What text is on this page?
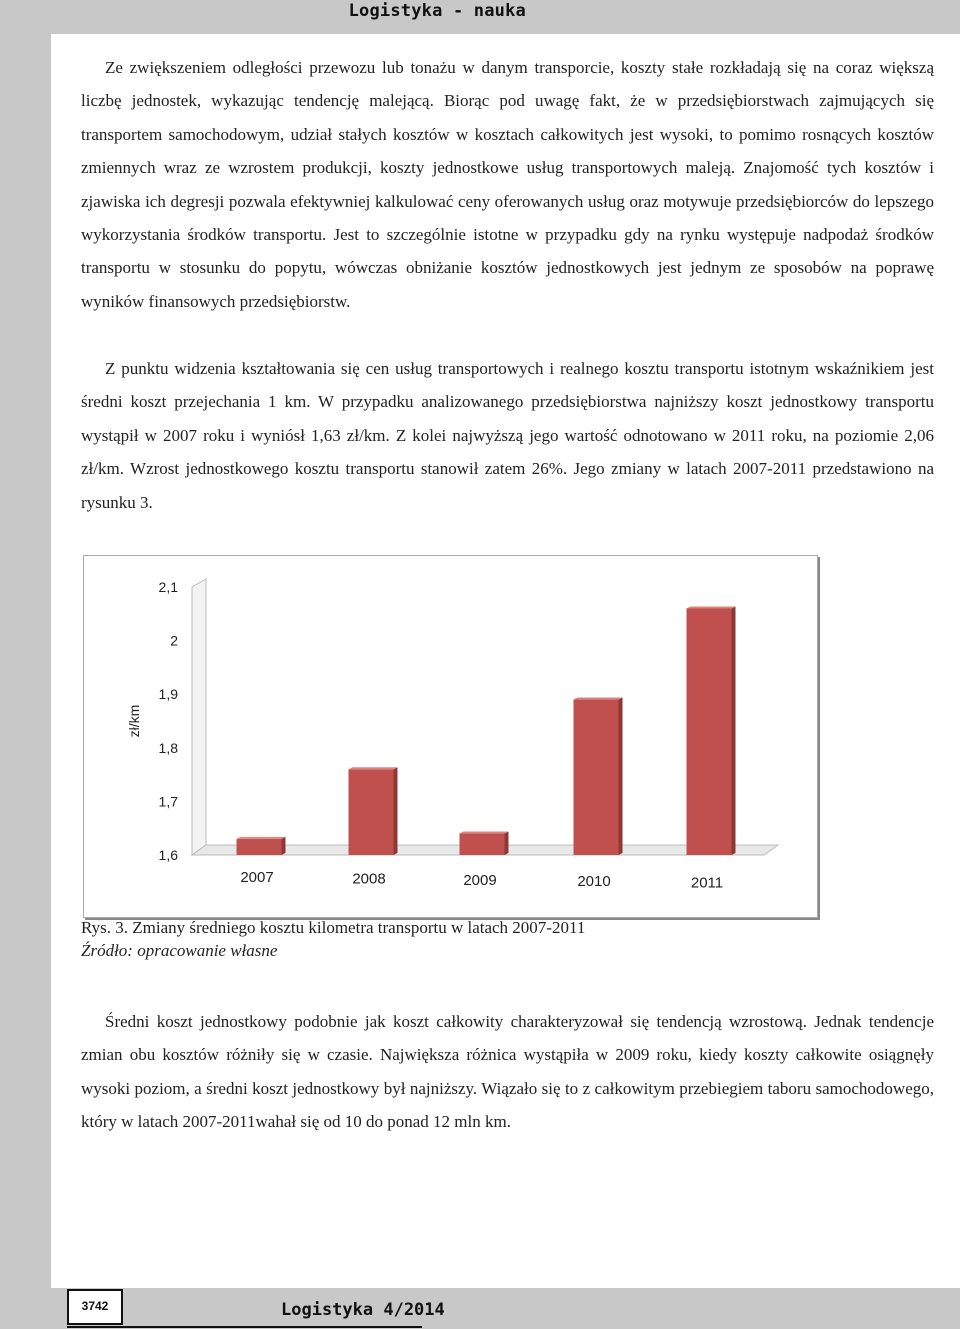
Logistyka - nauka

Ze zwiększeniem odległości przewozu lub tonażu w danym transporcie, koszty stałe rozkładają się na coraz większą liczbę jednostek, wykazując tendencję malejącą. Biorąc pod uwagę fakt, że w przedsiębiorstwach zajmujących się transportem samochodowym, udział stałych kosztów w kosztach całkowitych jest wysoki, to pomimo rosnących kosztów zmiennych wraz ze wzrostem produkcji, koszty jednostkowe usług transportowych maleją. Znajomość tych kosztów i zjawiska ich degresji pozwala efektywniej kalkulować ceny oferowanych usług oraz motywuje przedsiębiorców do lepszego wykorzystania środków transportu. Jest to szczególnie istotne w przypadku gdy na rynku występuje nadpodaż środków transportu w stosunku do popytu, wówczas obniżanie kosztów jednostkowych jest jednym ze sposobów na poprawę wyników finansowych przedsiębiorstw.

Z punktu widzenia kształtowania się cen usług transportowych i realnego kosztu transportu istotnym wskaźnikiem jest średni koszt przejechania 1 km. W przypadku analizowanego przedsiębiorstwa najniższy koszt jednostkowy transportu wystąpił w 2007 roku i wyniósł 1,63 zł/km. Z kolei najwyższą jego wartość odnotowano w 2011 roku, na poziomie 2,06 zł/km. Wzrost jednostkowego kosztu transportu stanowił zatem 26%. Jego zmiany w latach 2007-2011 przedstawiono na rysunku 3.

2,1
2
1,9
1,8
1,7
1,6
zł/km
2007	2008	2009	2010	2011
Rys. 3. Zmiany średniego kosztu kilometra transportu w latach 2007-2011
Źródło: opracowanie własne

Średni koszt jednostkowy podobnie jak koszt całkowity charakteryzował się tendencją wzrostową. Jednak tendencje zmian obu kosztów różniły się w czasie. Największa różnica wystąpiła w 2009 roku, kiedy koszty całkowite osiągnęły wysoki poziom, a średni koszt jednostkowy był najniższy. Wiązało się to z całkowitym przebiegiem taboru samochodowego, który w latach 2007-2011wahał się od 10 do ponad 12 mln km.

3742	Logistyka 4/2014
